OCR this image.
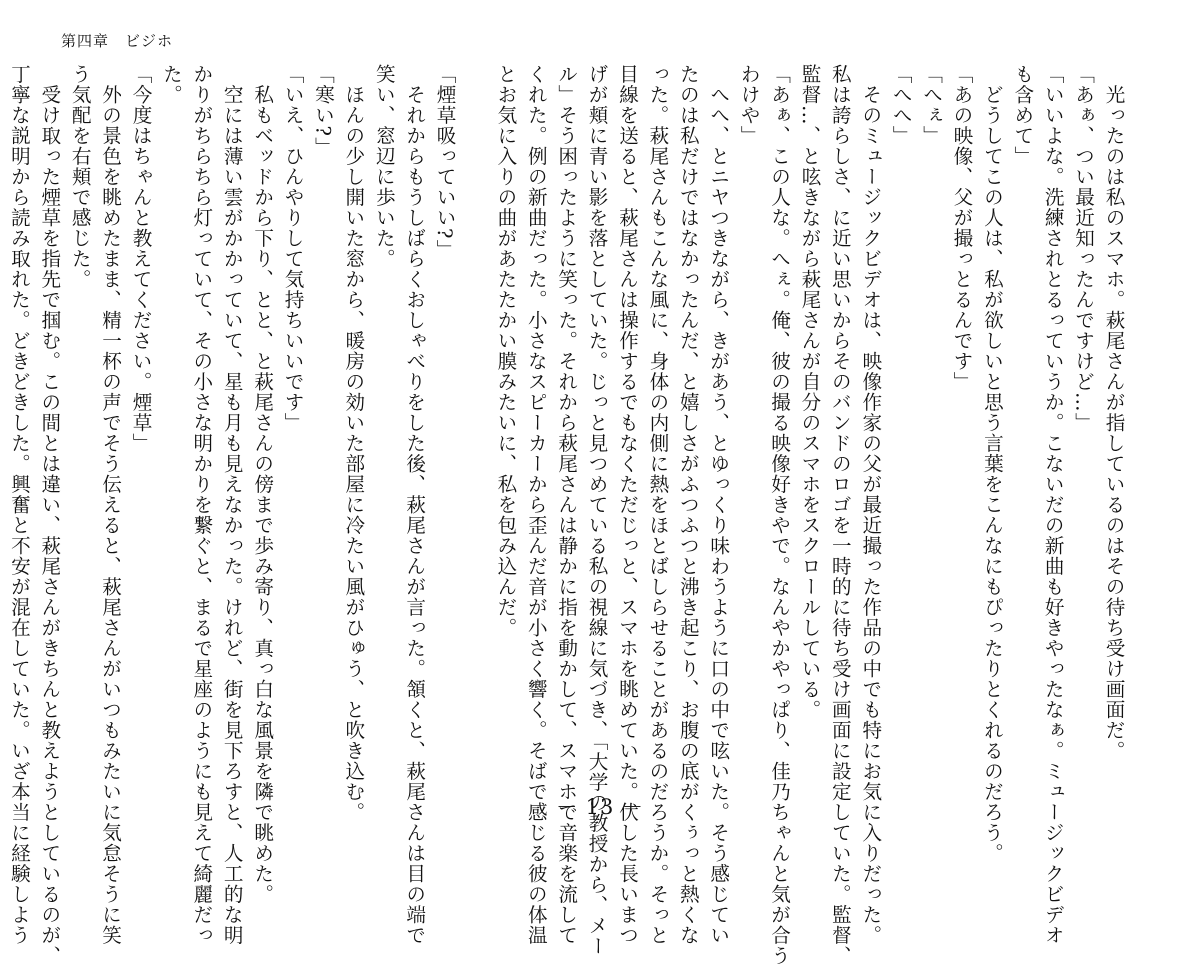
第四章　ビジホ
　光ったのは私のスマホ。萩尾さんが指しているのはその待ち受け画面だ。
「あぁ、つい最近知ったんですけど…」
「いいよな。洗練されとるっていうか。こないだの新曲も好きやったなぁ。ミュージックビデオ
も含めて」
　どうしてこの人は、私が欲しいと思う言葉をこんなにもぴったりとくれるのだろう。
「あの映像、父が撮っとるんです」
「へぇ」
「へへ」
　そのミュージックビデオは、映像作家の父が最近撮った作品の中でも特にお気に入りだった。
私は誇らしさ、に近い思いからそのバンドのロゴを一時的に待ち受け画面に設定していた。監督、
監督…、と呟きながら萩尾さんが自分のスマホをスクロールしている。
「あぁ、この人な。へぇ。俺、彼の撮る映像好きやで。なんやかやっぱり、佳乃ちゃんと気が合う
わけや」
　へへ、とニヤつきながら、きがあう、とゆっくり味わうように口の中で呟いた。そう感じてい
たのは私だけではなかったんだ、と嬉しさがふつふつと沸き起こり、お腹の底がくぅっと熱くな
った。萩尾さんもこんな風に、身体の内側に熱をほとばしらせることがあるのだろうか。そっと
目線を送ると、萩尾さんは操作するでもなくただじっと、スマホを眺めていた。伏した長いまつ
げが頬に青い影を落としていた。じっと見つめている私の視線に気づき、「大学の教授から、メー
ル」そう困ったように笑った。それから萩尾さんは静かに指を動かして、スマホで音楽を流して
くれた。例の新曲だった。小さなスピーカーから歪んだ音が小さく響く。そばで感じる彼の体温
とお気に入りの曲があたたかい膜みたいに、私を包み込んだ。
「煙草吸っていい?」
　それからもうしばらくおしゃべりをした後、萩尾さんが言った。頷くと、萩尾さんは目の端で
笑い、窓辺に歩いた。
　ほんの少し開いた窓から、暖房の効いた部屋に冷たい風がひゅう、と吹き込む。
「寒い?」
「いえ、ひんやりして気持ちいいです」
　私もベッドから下り、とと、と萩尾さんの傍まで歩み寄り、真っ白な風景を隣で眺めた。
　空には薄い雲がかかっていて、星も月も見えなかった。けれど、街を見下ろすと、人工的な明
かりがちらちら灯っていて、その小さな明かりを繋ぐと、まるで星座のようにも見えて綺麗だっ
た。
「今度はちゃんと教えてください。煙草」
　外の景色を眺めたまま、精一杯の声でそう伝えると、萩尾さんがいつもみたいに気怠そうに笑
う気配を右頬で感じた。
　受け取った煙草を指先で掴む。この間とは違い、萩尾さんがきちんと教えようとしているのが、
丁寧な説明から読み取れた。どきどきした。興奮と不安が混在していた。いざ本当に経験しよう	－ 13 －
